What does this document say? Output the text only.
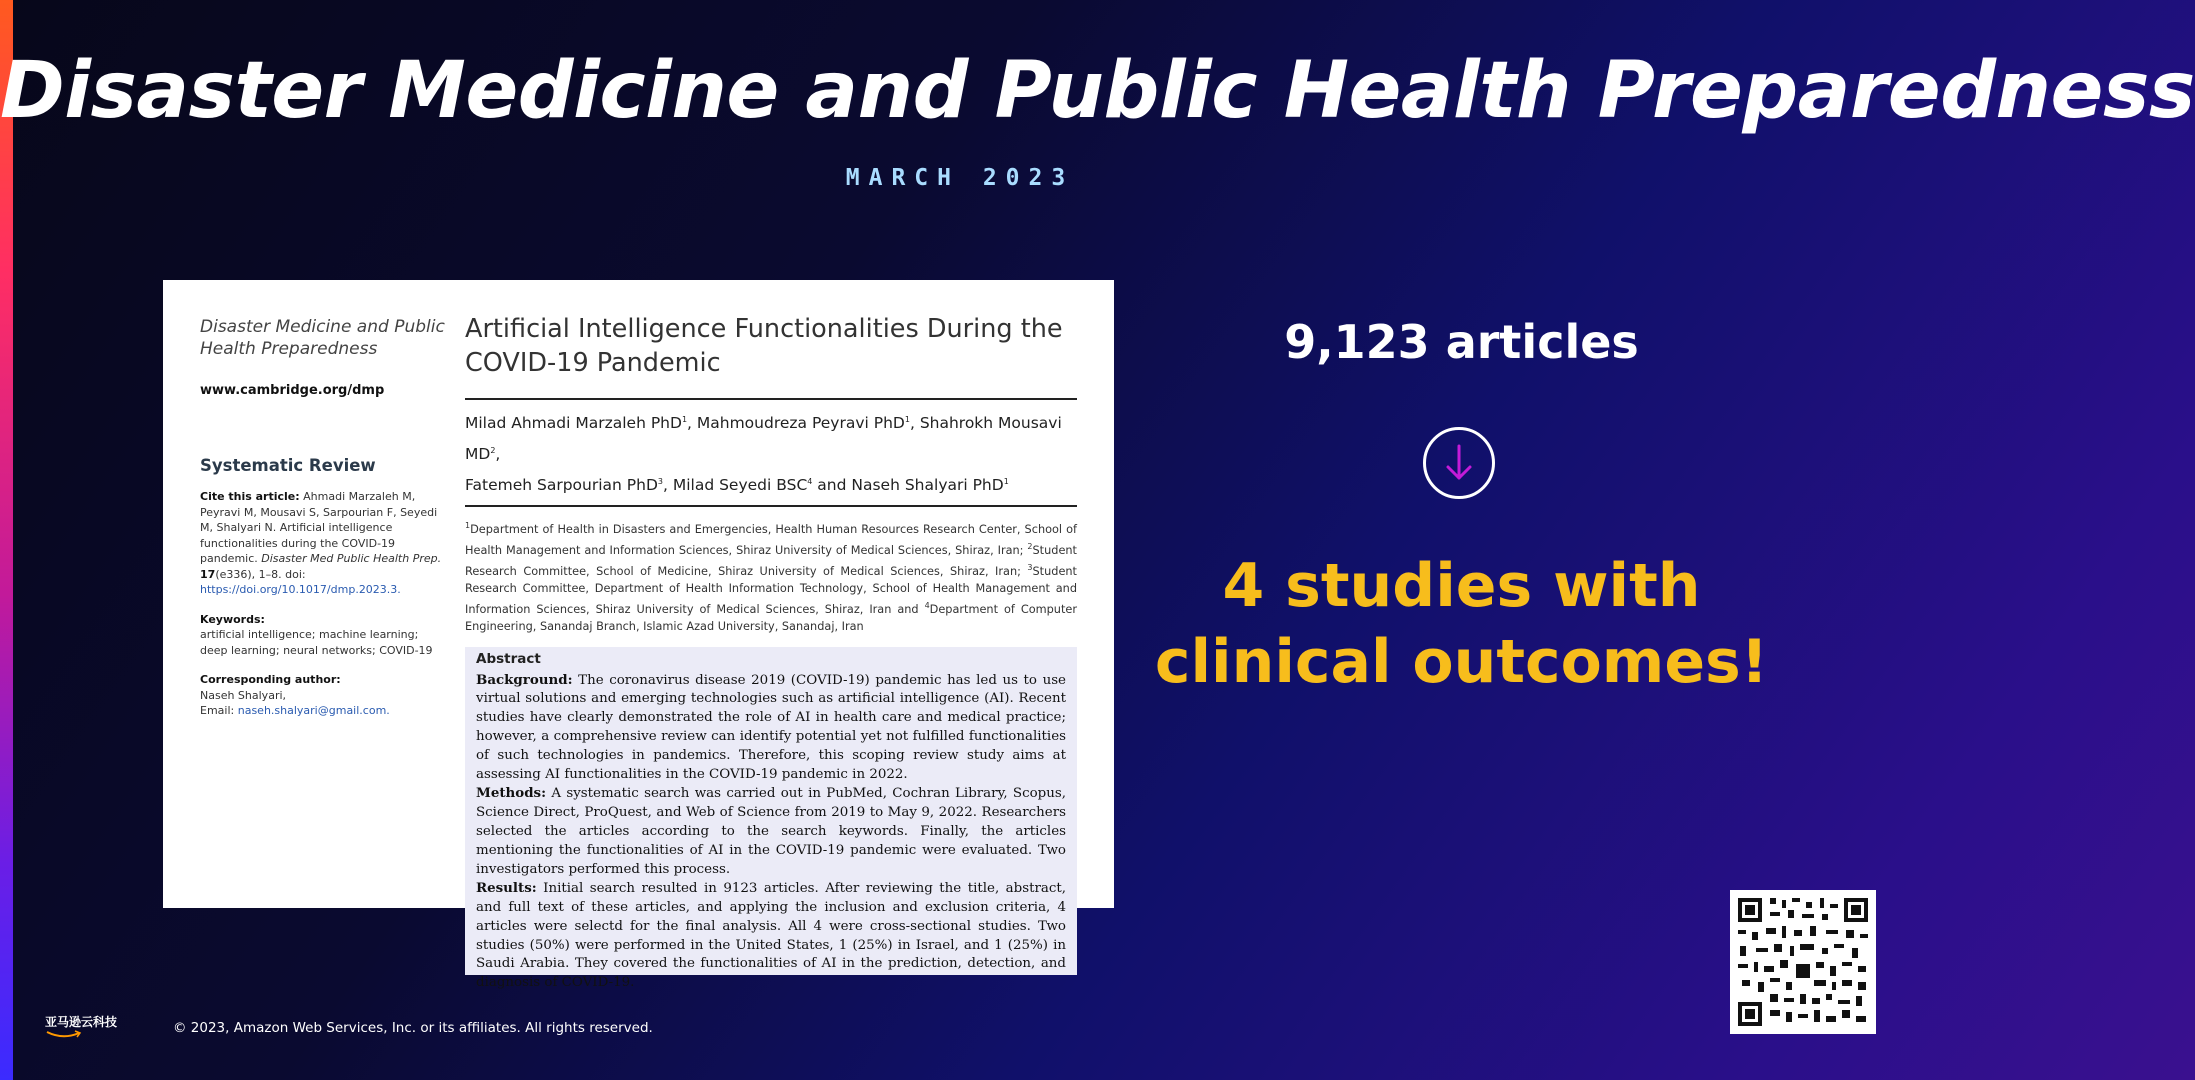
Disaster Medicine and Public Health Preparedness
MARCH 2023
Disaster Medicine and Public Health Preparedness
www.cambridge.org/dmp
Systematic Review
Cite this article: Ahmadi Marzaleh M, Peyravi M, Mousavi S, Sarpourian F, Seyedi M, Shalyari N. Artificial intelligence functionalities during the COVID-19 pandemic. Disaster Med Public Health Prep. 17(e336), 1–8. doi: https://doi.org/10.1017/dmp.2023.3.
Keywords:
artificial intelligence; machine learning; deep learning; neural networks; COVID-19
Corresponding author:
Naseh Shalyari,
Email: naseh.shalyari@gmail.com.
Artificial Intelligence Functionalities During the COVID-19 Pandemic
Milad Ahmadi Marzaleh PhD$^1$, Mahmoudreza Peyravi PhD$^1$, Shahrokh Mousavi $MD^2$,
Fatemeh Sarpourian PhD$^3$, Milad Seyedi BSC$^4$ and Naseh Shalyari PhD$^1$
$^1$Department of Health in Disasters and Emergencies, Health Human Resources Research Center, School of Health Management and Information Sciences, Shiraz University of Medical Sciences, Shiraz, Iran; $^2$Student Research Committee, School of Medicine, Shiraz University of Medical Sciences, Shiraz, Iran; $^3$Student Research Committee, Department of Health Information Technology, School of Health Management and Information Sciences, Shiraz University of Medical Sciences, Shiraz, Iran and $^4$Department of Computer Engineering, Sanandaj Branch, Islamic Azad University, Sanandaj, Iran
Abstract
Background: The coronavirus disease 2019 (COVID-19) pandemic has led us to use virtual solutions and emerging technologies such as artificial intelligence (AI). Recent studies have clearly demonstrated the role of AI in health care and medical practice; however, a comprehensive review can identify potential yet not fulfilled functionalities of such technologies in pandemics. Therefore, this scoping review study aims at assessing AI functionalities in the COVID-19 pandemic in 2022.
Methods: A systematic search was carried out in PubMed, Cochran Library, Scopus, Science Direct, ProQuest, and Web of Science from 2019 to May 9, 2022. Researchers selected the articles according to the search keywords. Finally, the articles mentioning the functionalities of AI in the COVID-19 pandemic were evaluated. Two investigators performed this process.
Results: Initial search resulted in 9123 articles. After reviewing the title, abstract, and full text of these articles, and applying the inclusion and exclusion criteria, 4 articles were selectd for the final analysis. All 4 were cross-sectional studies. Two studies (50%) were performed in the United States, 1 (25%) in Israel, and 1 (25%) in Saudi Arabia. They covered the functionalities of AI in the prediction, detection, and diagnosis of COVID-19.
9,123 articles
4 studies with
clinical outcomes!
亚马逊云科技	© 2023, Amazon Web Services, Inc. or its affiliates. All rights reserved.
